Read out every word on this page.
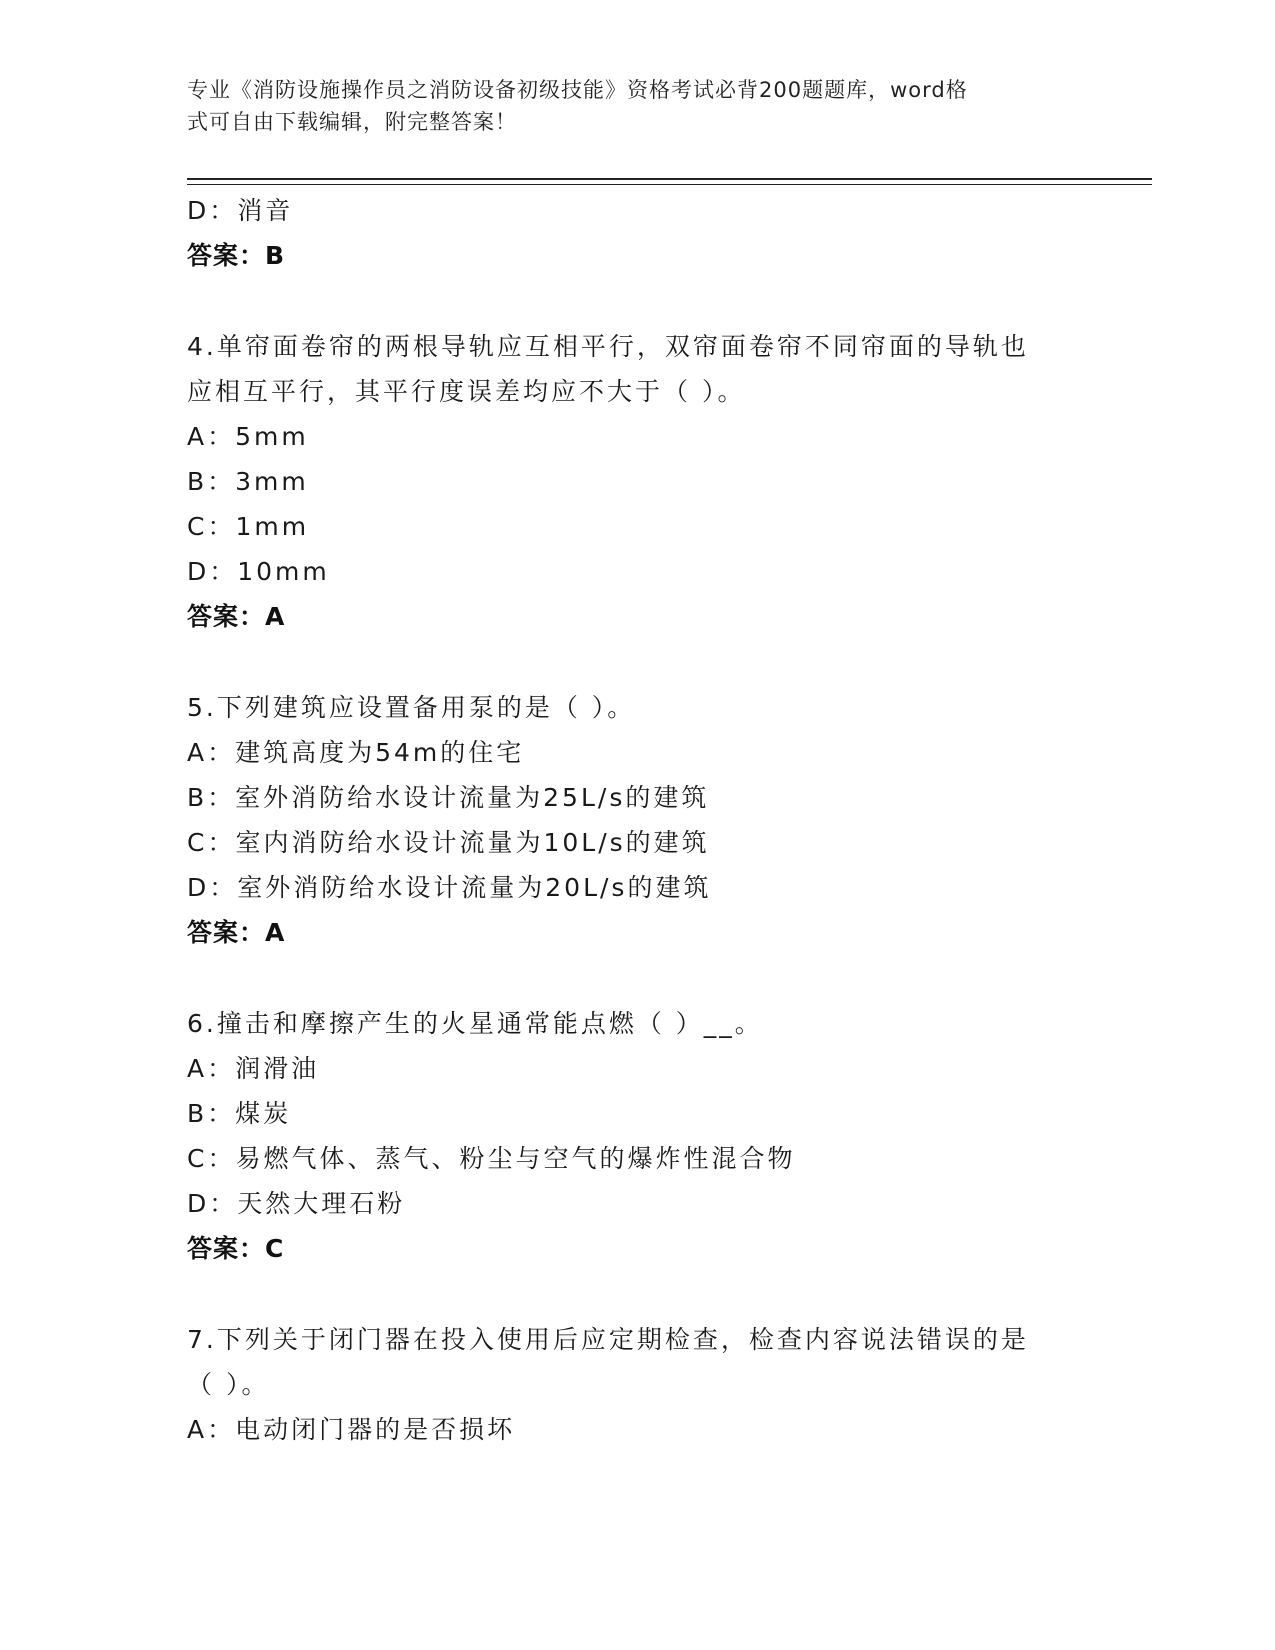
专业《消防设施操作员之消防设备初级技能》资格考试必背200题题库，word格
式可自由下载编辑，附完整答案！
D：消音
答案：B
4.单帘面卷帘的两根导轨应互相平行，双帘面卷帘不同帘面的导轨也
应相互平行，其平行度误差均应不大于（ ）。
A：5mm
B：3mm
C：1mm
D：10mm
答案：A
5.下列建筑应设置备用泵的是（ ）。
A：建筑高度为54m的住宅
B：室外消防给水设计流量为25L/s的建筑
C：室内消防给水设计流量为10L/s的建筑
D：室外消防给水设计流量为20L/s的建筑
答案：A
6.撞击和摩擦产生的火星通常能点燃（ ）__。
A：润滑油
B：煤炭
C：易燃气体、蒸气、粉尘与空气的爆炸性混合物
D：天然大理石粉
答案：C
7.下列关于闭门器在投入使用后应定期检查，检查内容说法错误的是
（ ）。
A：电动闭门器的是否损坏
